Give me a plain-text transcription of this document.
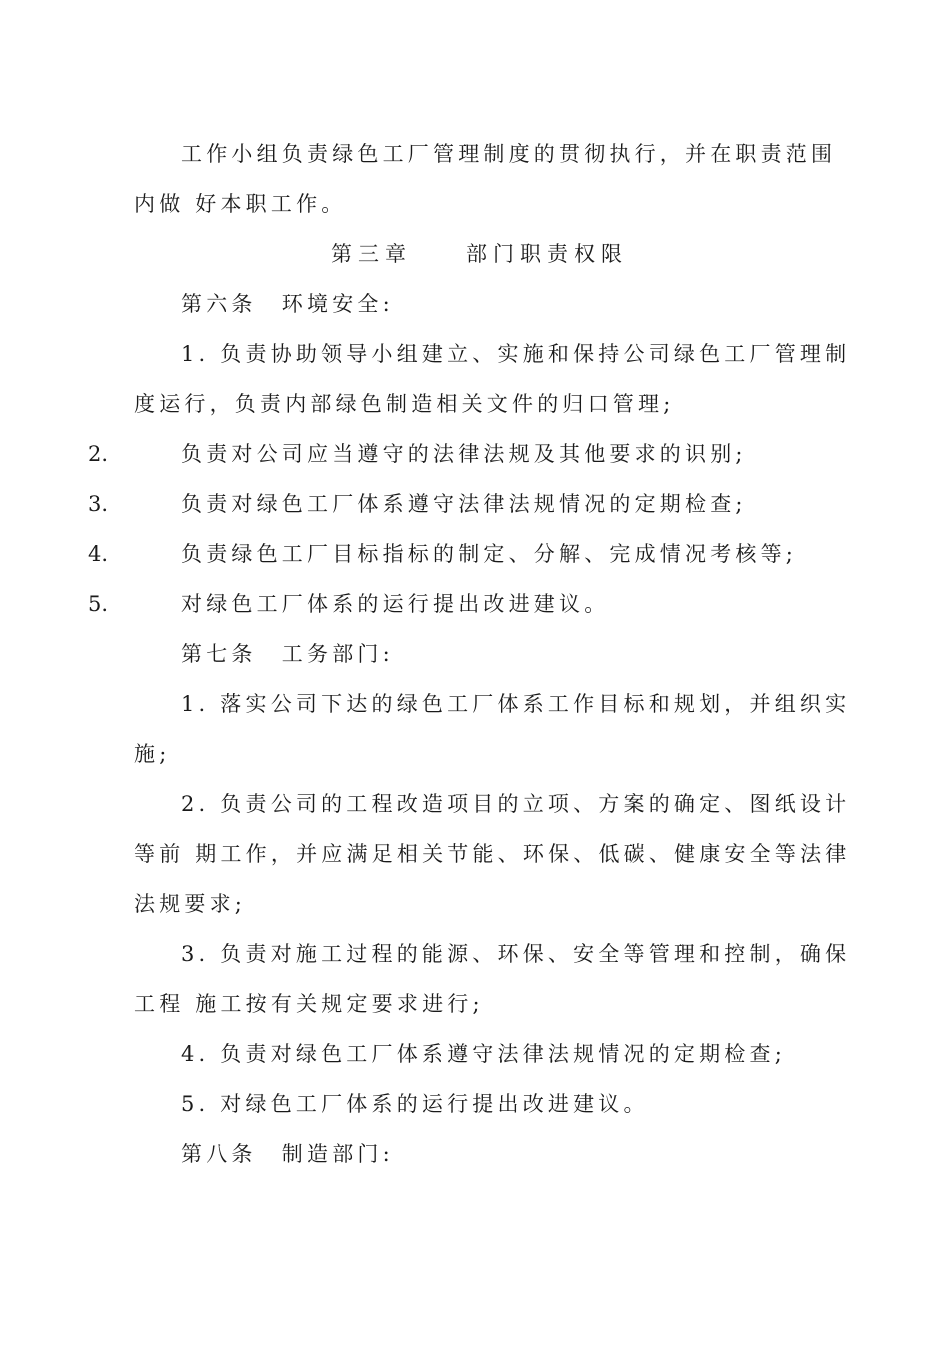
工作小组负责绿色工厂管理制度的贯彻执行，并在职责范围
内做 好本职工作。
第三章　　部门职责权限
第六条　环境安全:
1. 负责协助领导小组建立、实施和保持公司绿色工厂管理制
度运行，负责内部绿色制造相关文件的归口管理;
2.	负责对公司应当遵守的法律法规及其他要求的识别;
3.	负责对绿色工厂体系遵守法律法规情况的定期检查;
4.	负责绿色工厂目标指标的制定、分解、完成情况考核等;
5.	对绿色工厂体系的运行提出改进建议。
第七条　工务部门:
1. 落实公司下达的绿色工厂体系工作目标和规划，并组织实
施;
2. 负责公司的工程改造项目的立项、方案的确定、图纸设计
等前 期工作，并应满足相关节能、环保、低碳、健康安全等法律
法规要求;
3. 负责对施工过程的能源、环保、安全等管理和控制，确保
工程 施工按有关规定要求进行;
4. 负责对绿色工厂体系遵守法律法规情况的定期检查;
5. 对绿色工厂体系的运行提出改进建议。
第八条　制造部门:
